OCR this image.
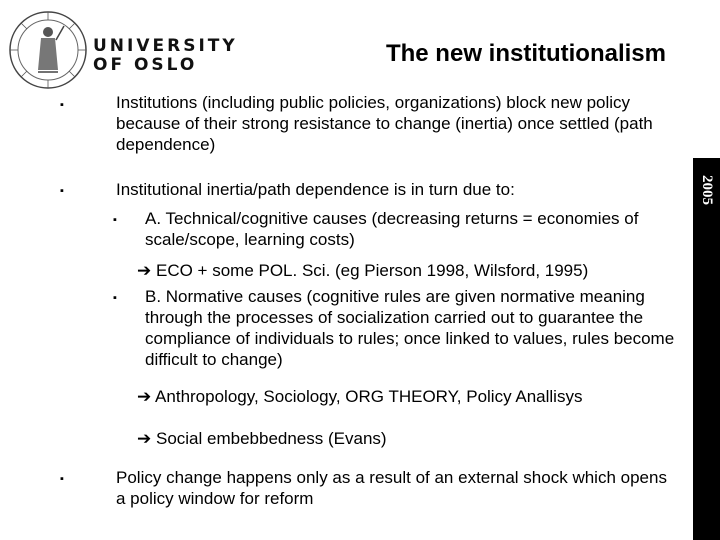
UNIVERSITY
OF OSLO	The new institutionalism
2005
▪	Institutions (including public policies, organizations) block new policy because of their strong resistance to change (inertia) once settled (path dependence)
▪	Institutional inertia/path dependence is in turn due to:
▪ A. Technical/cognitive causes (decreasing returns = economies of scale/scope, learning costs)
➔ ECO + some POL. Sci. (eg Pierson 1998, Wilsford, 1995)
▪ B. Normative causes (cognitive rules are given normative meaning through the processes of socialization carried out to guarantee the compliance of individuals to rules; once linked to values, rules become difficult to change)
➔ Anthropology, Sociology, ORG THEORY, Policy Anallisys
➔ Social embebbedness (Evans)
▪	Policy change happens only as a result of an external shock which opens a policy window for reform
